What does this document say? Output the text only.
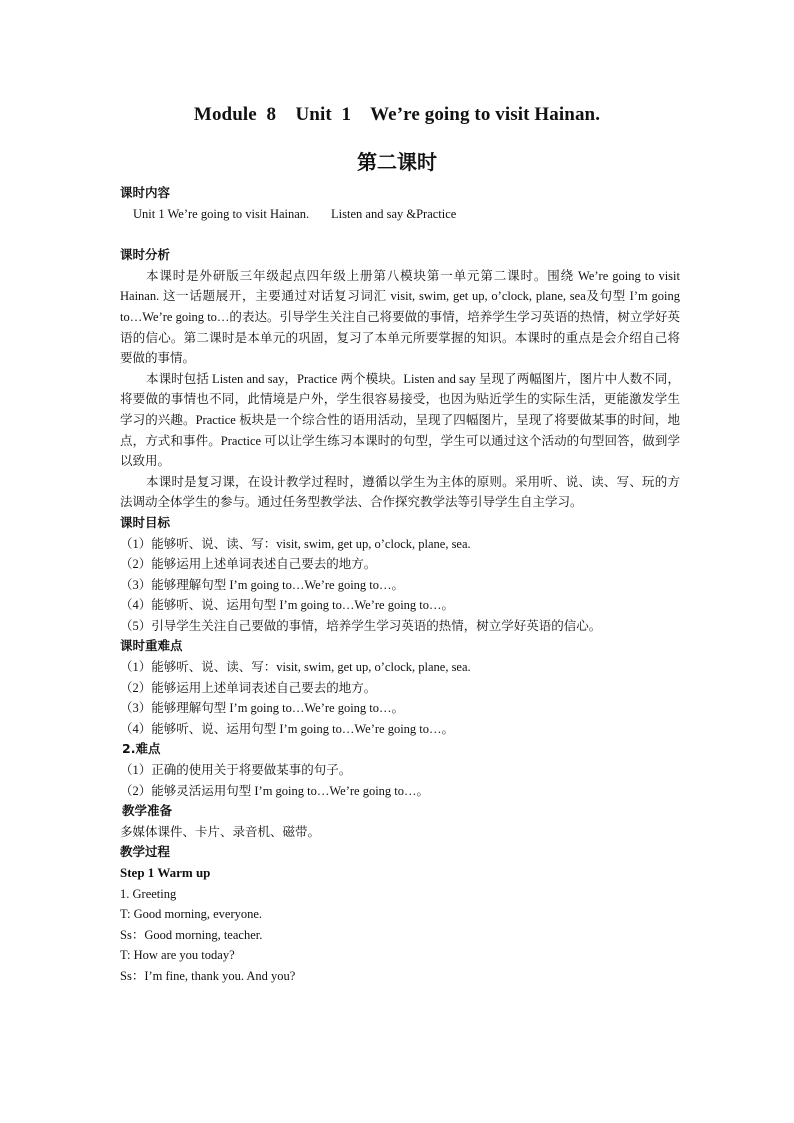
Module  8    Unit  1    We’re going to visit Hainan.
第二课时

课时内容

Unit 1 We’re going to visit Hainan.       Listen and say &Practice

课时分析

本课时是外研版三年级起点四年级上册第八模块第一单元第二课时。围绕 We’re going to visit Hainan. 这一话题展开，主要通过对话复习词汇 visit, swim, get up, o’clock, plane, sea及句型 I’m going to…We’re going to…的表达。引导学生关注自己将要做的事情，培养学生学习英语的热情，树立学好英语的信心。第二课时是本单元的巩固，复习了本单元所要掌握的知识。本课时的重点是会介绍自己将要做的事情。

本课时包括 Listen and say，Practice 两个模块。Listen and say 呈现了两幅图片，图片中人数不同，将要做的事情也不同，此情境是户外，学生很容易接受，也因为贴近学生的实际生活，更能激发学生学习的兴趣。Practice 板块是一个综合性的语用活动，呈现了四幅图片，呈现了将要做某事的时间，地点，方式和事件。Practice 可以让学生练习本课时的句型，学生可以通过这个活动的句型回答，做到学以致用。

本课时是复习课，在设计教学过程时，遵循以学生为主体的原则。采用听、说、读、写、玩的方法调动全体学生的参与。通过任务型教学法、合作探究教学法等引导学生自主学习。

课时目标

（1）能够听、说、读、写：visit, swim, get up, o’clock, plane, sea.

（2）能够运用上述单词表述自己要去的地方。

（3）能够理解句型 I’m going to…We’re going to…。

（4）能够听、说、运用句型 I’m going to…We’re going to…。

（5）引导学生关注自己要做的事情，培养学生学习英语的热情，树立学好英语的信心。

课时重难点

（1）能够听、说、读、写：visit, swim, get up, o’clock, plane, sea.

（2）能够运用上述单词表述自己要去的地方。

（3）能够理解句型 I’m going to…We’re going to…。

（4）能够听、说、运用句型 I’m going to…We’re going to…。

2.难点

（1）正确的使用关于将要做某事的句子。

（2）能够灵活运用句型 I’m going to…We’re going to…。

教学准备

多媒体课件、卡片、录音机、磁带。

教学过程

Step 1 Warm up

1. Greeting

T: Good morning, everyone.

Ss：Good morning, teacher.

T: How are you today?

Ss：I’m fine, thank you. And you?
